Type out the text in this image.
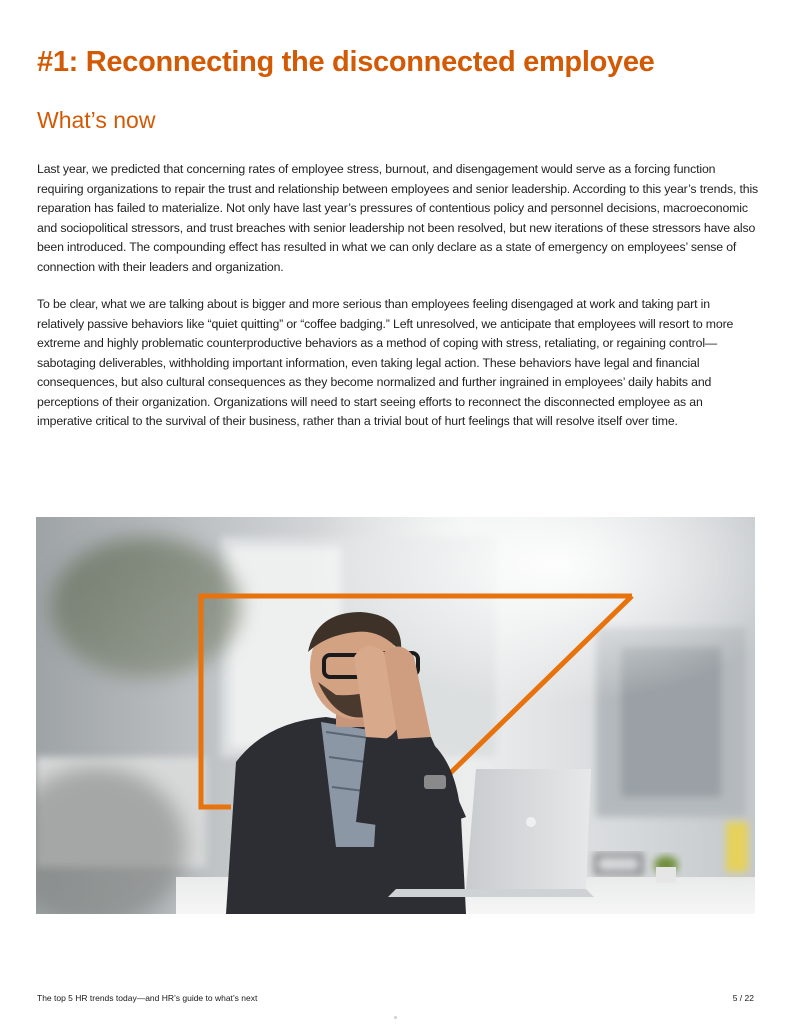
#1: Reconnecting the disconnected employee
What’s now

Last year, we predicted that concerning rates of employee stress, burnout, and disengagement would serve as a forcing function requiring organizations to repair the trust and relationship between employees and senior leadership. According to this year’s trends, this reparation has failed to materialize. Not only have last year’s pressures of contentious policy and personnel decisions, macroeconomic and sociopolitical stressors, and trust breaches with senior leadership not been resolved, but new iterations of these stressors have also been introduced. The compounding effect has resulted in what we can only declare as a state of emergency on employees’ sense of connection with their leaders and organization.

To be clear, what we are talking about is bigger and more serious than employees feeling disengaged at work and taking part in relatively passive behaviors like “quiet quitting” or “coffee badging.” Left unresolved, we anticipate that employees will resort to more extreme and highly problematic counterproductive behaviors as a method of coping with stress, retaliating, or regaining control—sabotaging deliverables, withholding important information, even taking legal action. These behaviors have legal and financial consequences, but also cultural consequences as they become normalized and further ingrained in employees’ daily habits and perceptions of their organization. Organizations will need to start seeing efforts to reconnect the disconnected employee as an imperative critical to the survival of their business, rather than a trivial bout of hurt feelings that will resolve itself over time.

The top 5 HR trends today—and HR’s guide to what’s next	5 / 22
